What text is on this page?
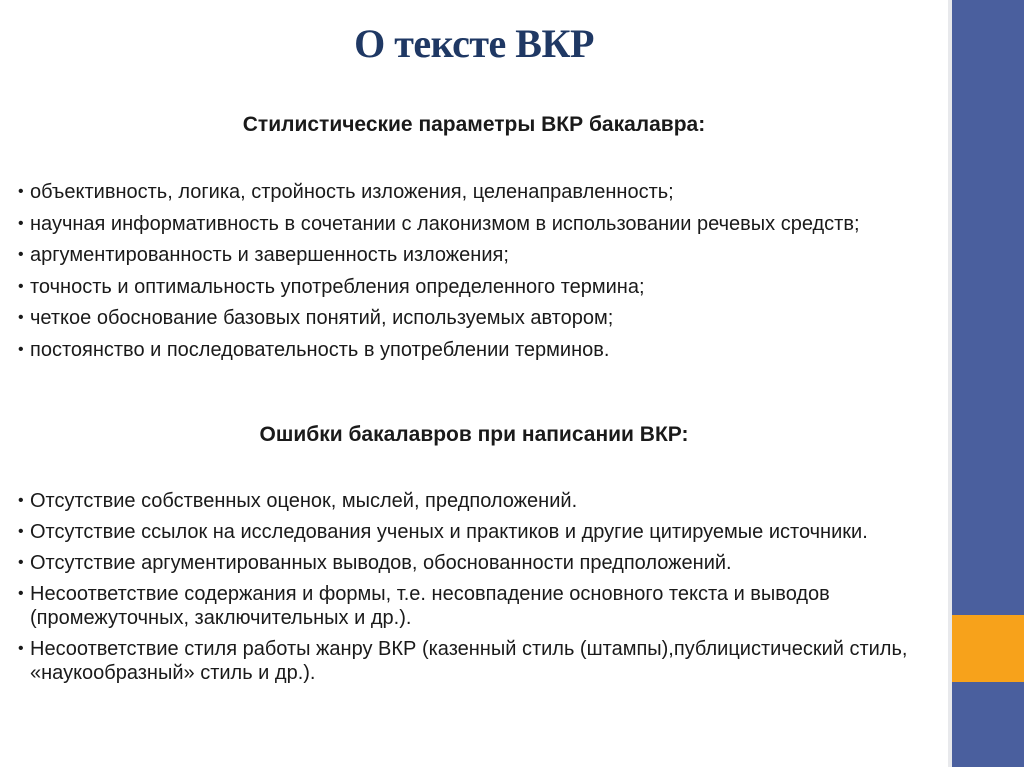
О тексте ВКР
Стилистические параметры ВКР бакалавра:
• объективность, логика, стройность изложения, целенаправленность;
• научная информативность в сочетании с лаконизмом в использовании речевых средств;
• аргументированность и завершенность изложения;
• точность и оптимальность употребления определенного термина;
• четкое обоснование базовых понятий, используемых автором;
• постоянство и последовательность в употреблении терминов.
Ошибки бакалавров при написании ВКР:
• Отсутствие собственных оценок, мыслей, предположений.
• Отсутствие ссылок на исследования ученых и практиков и другие цитируемые источники.
• Отсутствие аргументированных выводов, обоснованности предположений.
• Несоответствие содержания и формы, т.е. несовпадение основного текста и выводов (промежуточных, заключительных и др.).
• Несоответствие стиля работы жанру ВКР (казенный стиль (штампы),публицистический стиль, «наукообразный» стиль и др.).
